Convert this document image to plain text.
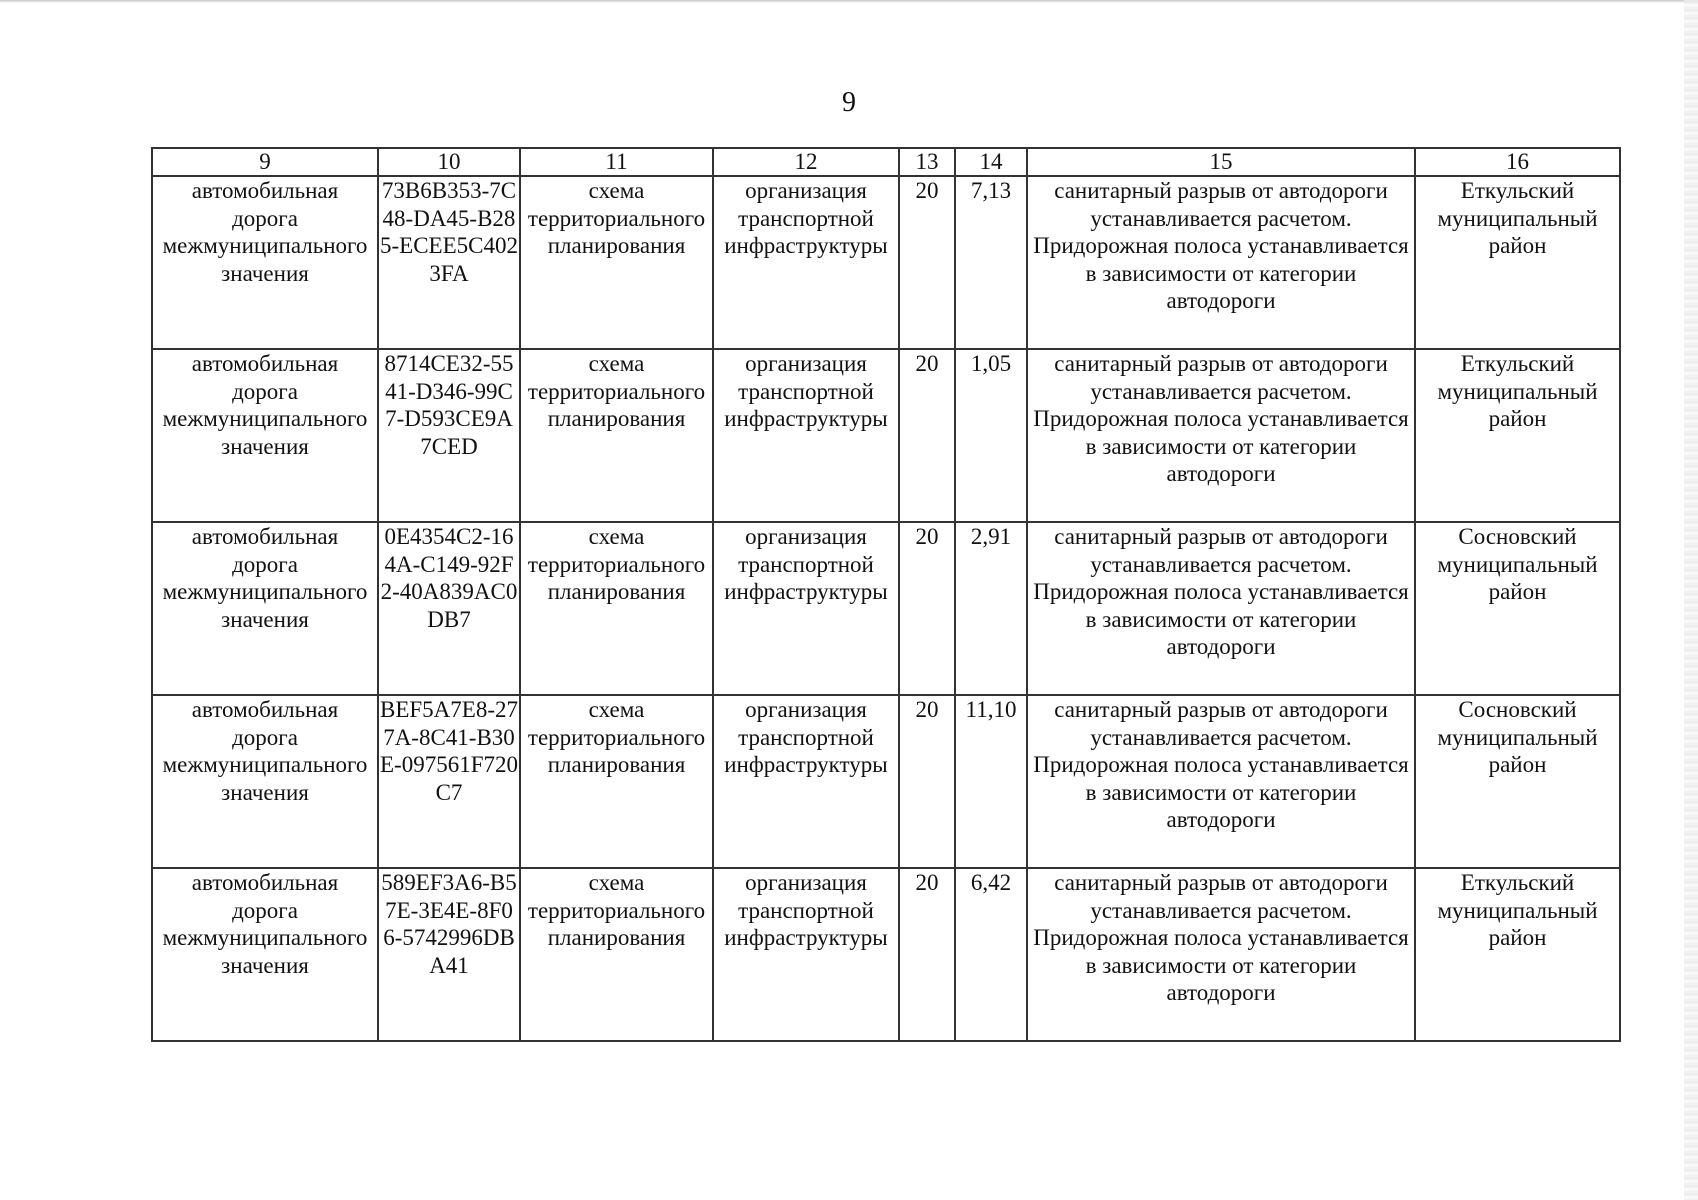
9
9	10	11	12	13	14	15	16
автомобильная дорога межмуниципального значения	73B6B353-7C48-DA45-B285-ECEE5C4023FA	схема территориального планирования	организация транспортной инфраструктуры	20	7,13	санитарный разрыв от автодороги устанавливается расчетом. Придорожная полоса устанавливается в зависимости от категории автодороги	Еткульский муниципальный район
автомобильная дорога межмуниципального значения	8714CE32-5541-D346-99C7-D593CE9A7CED	схема территориального планирования	организация транспортной инфраструктуры	20	1,05	санитарный разрыв от автодороги устанавливается расчетом. Придорожная полоса устанавливается в зависимости от категории автодороги	Еткульский муниципальный район
автомобильная дорога межмуниципального значения	0E4354C2-164A-C149-92F2-40A839AC0DB7	схема территориального планирования	организация транспортной инфраструктуры	20	2,91	санитарный разрыв от автодороги устанавливается расчетом. Придорожная полоса устанавливается в зависимости от категории автодороги	Сосновский муниципальный район
автомобильная дорога межмуниципального значения	BEF5A7E8-277A-8C41-B30E-097561F720C7	схема территориального планирования	организация транспортной инфраструктуры	20	11,10	санитарный разрыв от автодороги устанавливается расчетом. Придорожная полоса устанавливается в зависимости от категории автодороги	Сосновский муниципальный район
автомобильная дорога межмуниципального значения	589EF3A6-B57E-3E4E-8F06-5742996DBA41	схема территориального планирования	организация транспортной инфраструктуры	20	6,42	санитарный разрыв от автодороги устанавливается расчетом. Придорожная полоса устанавливается в зависимости от категории автодороги	Еткульский муниципальный район
